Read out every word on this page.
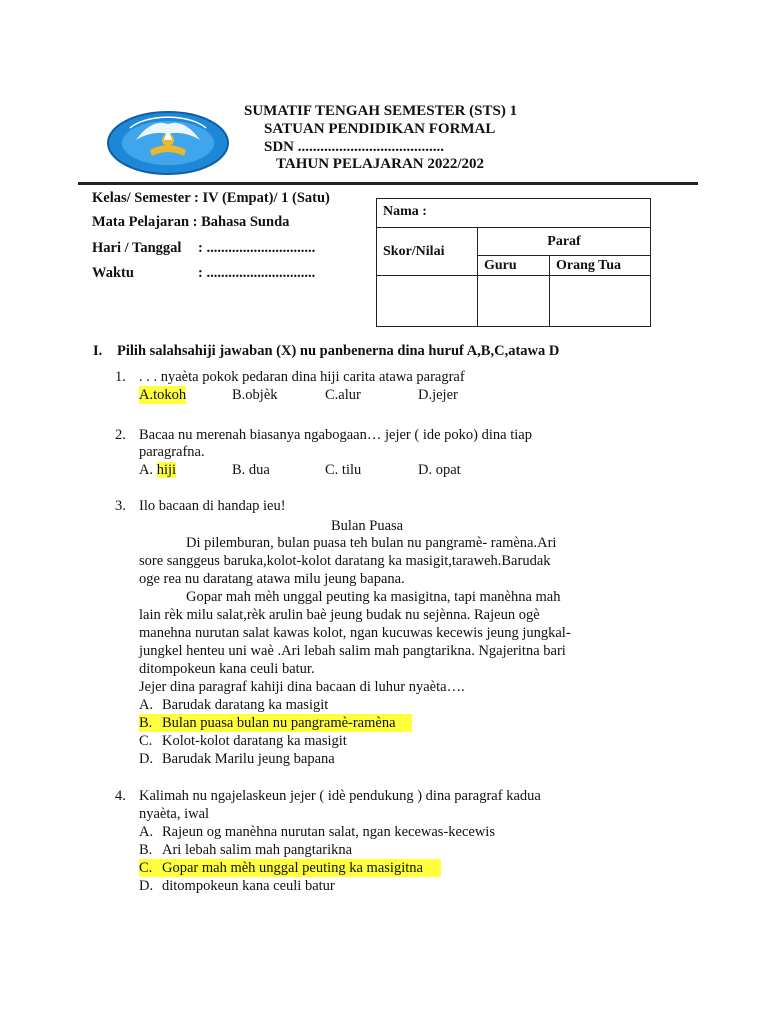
SUMATIF TENGAH SEMESTER (STS) 1
SATUAN PENDIDIKAN FORMAL
SDN .......................................
TAHUN PELAJARAN 2022/202
Kelas/ Semester : IV (Empat)/ 1 (Satu)
Mata Pelajaran : Bahasa Sunda
Hari / Tanggal : ..............................
Waktu	: ..............................
Nama :		
Skor/Nilai	Paraf	
	Guru	Orang Tua

I. Pilih salahsahiji jawaban (X) nu panbenerna dina huruf A,B,C,atawa D
1. . . . nyaèta pokok pedaran dina hiji carita atawa paragraf
A.tokoh	B.objèk	C.alur	D.jejer
2. Bacaa nu merenah biasanya ngabogaan… jejer ( ide poko) dina tiap
paragrafna.
A. hiji	B. dua	C. tilu	D. opat
3. Ilo bacaan di handap ieu!
Bulan Puasa
Di pilemburan, bulan puasa teh bulan nu pangramè- ramèna.Ari
sore sanggeus baruka,kolot-kolot daratang ka masigit,taraweh.Barudak
oge rea nu daratang atawa milu jeung bapana.
Gopar mah mèh unggal peuting ka masigitna, tapi manèhna mah
lain rèk milu salat,rèk arulin baè jeung budak nu sejènna. Rajeun ogè
manehna nurutan salat kawas kolot, ngan kucuwas kecewis jeung jungkal-
jungkel henteu uni waè .Ari lebah salim mah pangtarikna. Ngajeritna bari
ditompokeun kana ceuli batur.
Jejer dina paragraf kahiji dina bacaan di luhur nyaèta….
A. Barudak daratang ka masigit
B. Bulan puasa bulan nu pangramè-ramèna
C. Kolot-kolot daratang ka masigit
D. Barudak Marilu jeung bapana
4. Kalimah nu ngajelaskeun jejer ( idè pendukung ) dina paragraf kadua
nyaèta, iwal
A. Rajeun og manèhna nurutan salat, ngan kecewas-kecewis
B. Ari lebah salim mah pangtarikna
C. Gopar mah mèh unggal peuting ka masigitna
D. ditompokeun kana ceuli batur
